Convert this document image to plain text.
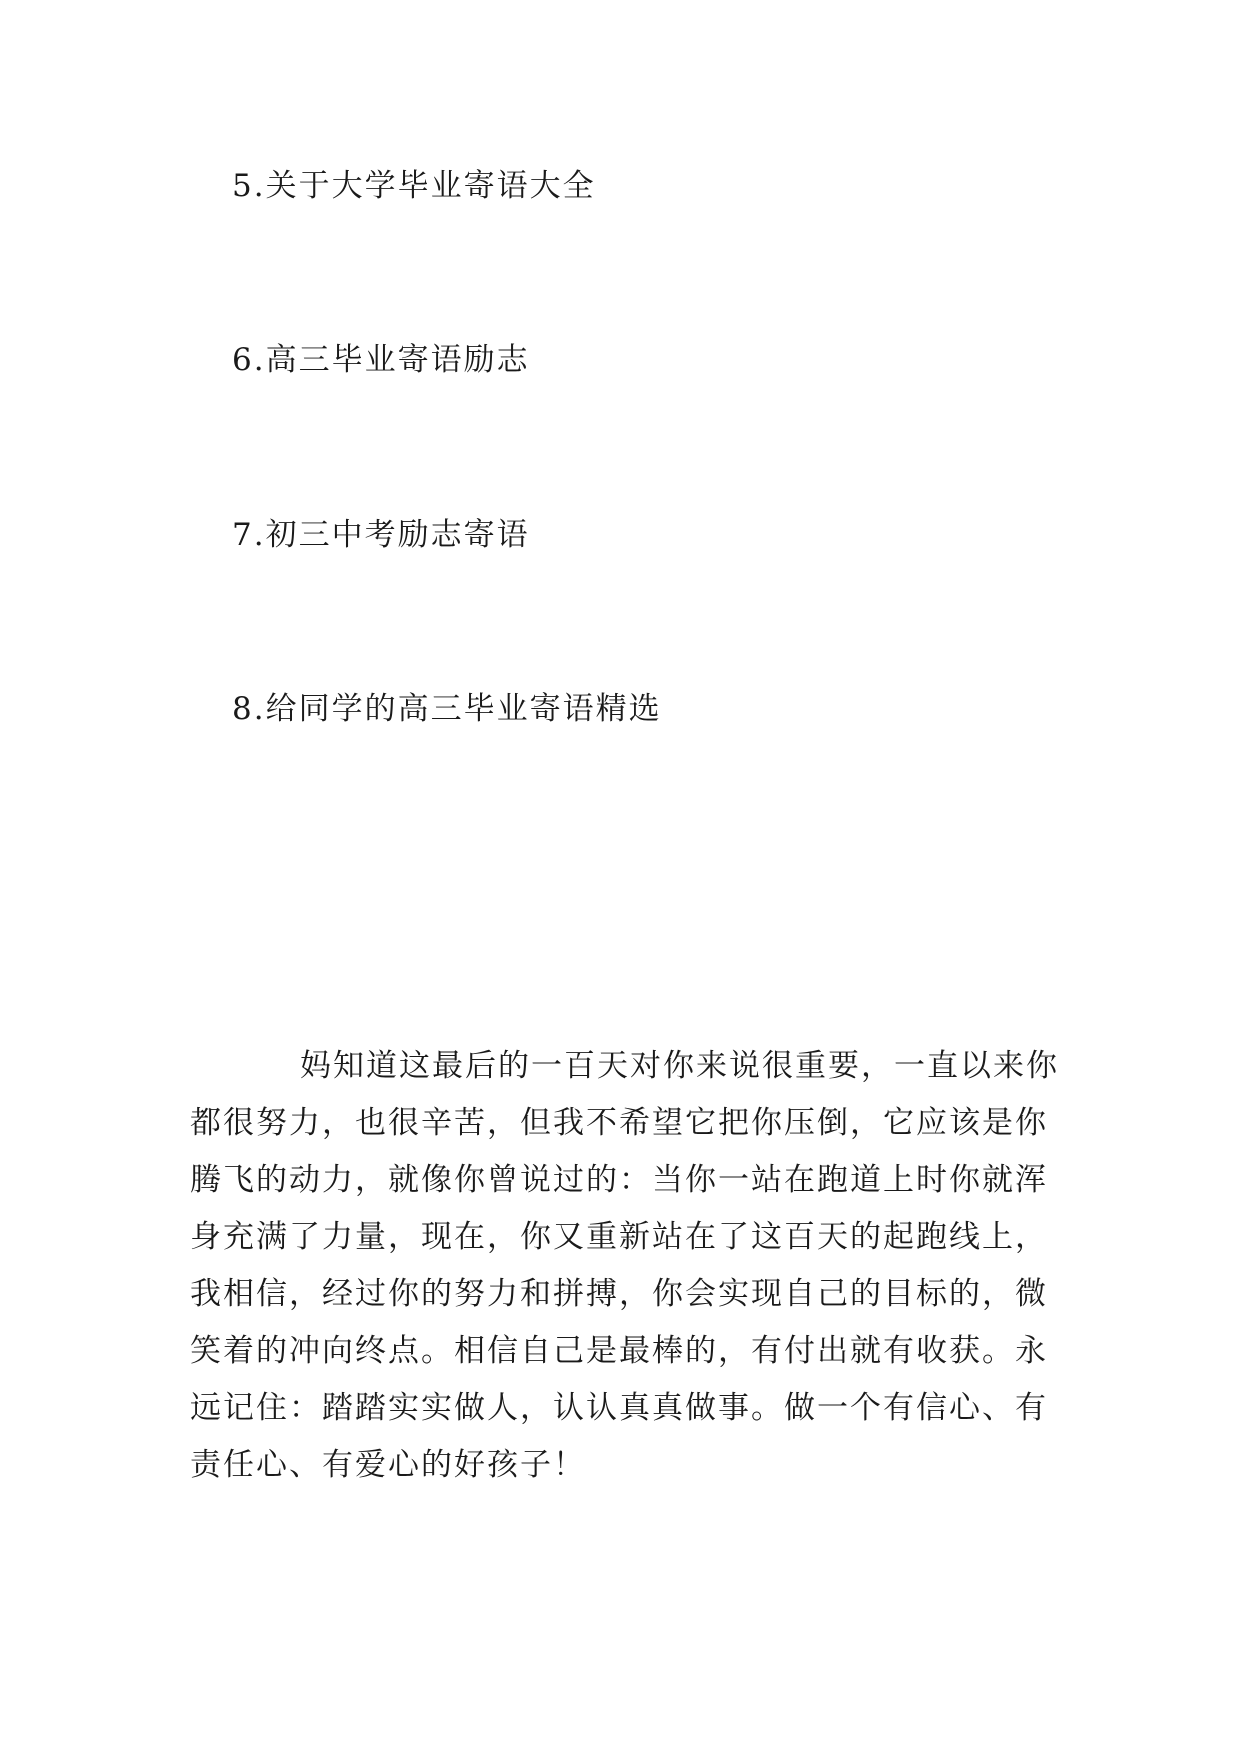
5.关于大学毕业寄语大全
6.高三毕业寄语励志
7.初三中考励志寄语
8.给同学的高三毕业寄语精选
妈知道这最后的一百天对你来说很重要，一直以来你
都很努力，也很辛苦，但我不希望它把你压倒，它应该是你
腾飞的动力，就像你曾说过的：当你一站在跑道上时你就浑
身充满了力量，现在，你又重新站在了这百天的起跑线上，
我相信，经过你的努力和拼搏，你会实现自己的目标的，微
笑着的冲向终点。相信自己是最棒的，有付出就有收获。永
远记住：踏踏实实做人，认认真真做事。做一个有信心、有
责任心、有爱心的好孩子！
